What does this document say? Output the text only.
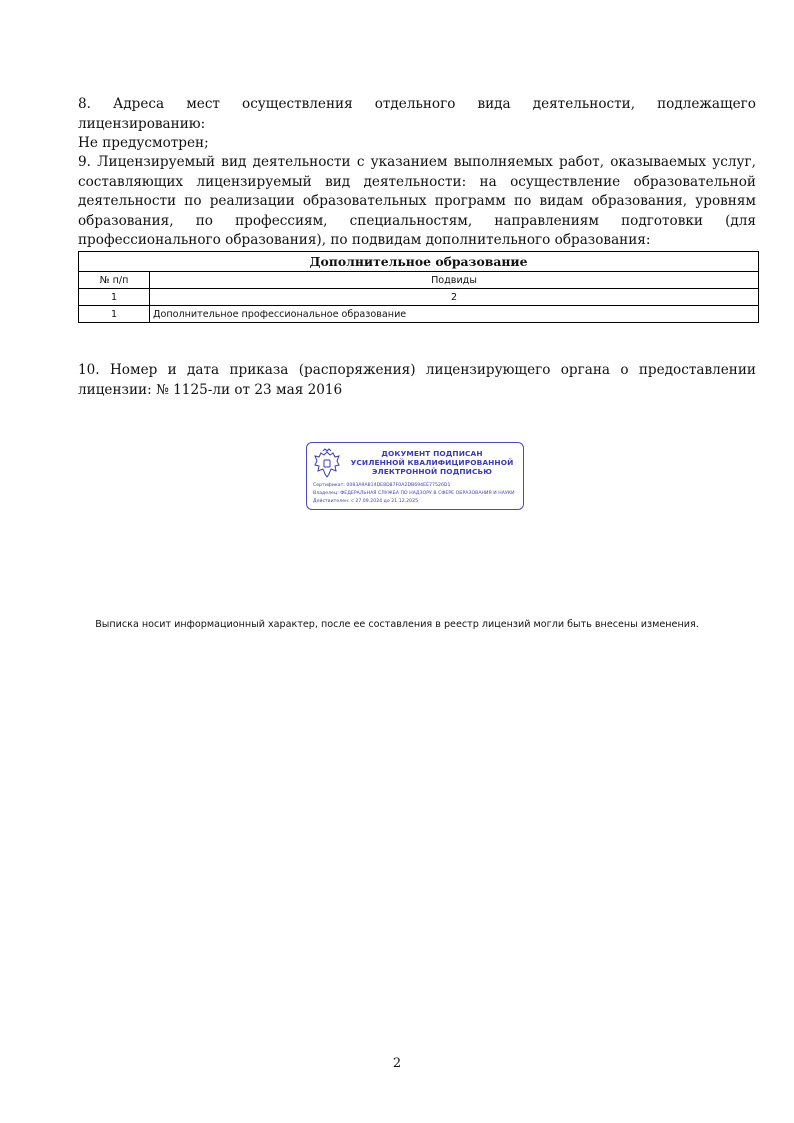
8. Адреса мест осуществления отдельного вида деятельности, подлежащего лицензированию:

Не предусмотрен;

9. Лицензируемый вид деятельности с указанием выполняемых работ, оказываемых услуг, составляющих лицензируемый вид деятельности: на осуществление образовательной деятельности по реализации образовательных программ по видам образования, уровням образования, по профессиям, специальностям, направлениям подготовки (для профессионального образования), по подвидам дополнительного образования:

Дополнительное образование	
№ п/п	Подвиды
1	2
1	Дополнительное профессиональное образование

10. Номер и дата приказа (распоряжения) лицензирующего органа о предоставлении лицензии: № 1125-ли от 23 мая 2016

ДОКУМЕНТ ПОДПИСАН
УСИЛЕННОЙ КВАЛИФИЦИРОВАННОЙ
ЭЛЕКТРОННОЙ ПОДПИСЬЮ
Сертификат: 0083A9A814DE8D87F0A2DB694EE77526D1
Владелец: ФЕДЕРАЛЬНАЯ СЛУЖБА ПО НАДЗОРУ В СФЕРЕ ОБРАЗОВАНИЯ И НАУКИ
Действителен: с 27.09.2024 до 21.12.2025
Выписка носит информационный характер, после ее составления в реестр лицензий могли быть внесены изменения.
2
